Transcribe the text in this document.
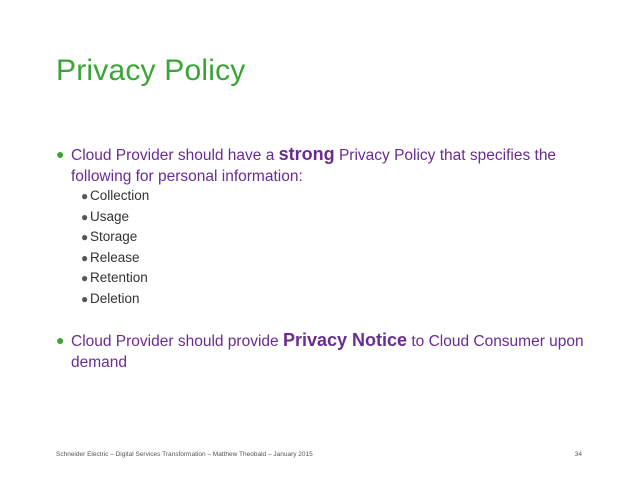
Privacy Policy
● Cloud Provider should have a strong Privacy Policy that specifies the following for personal information:
● Collection
● Usage
● Storage
● Release
● Retention
● Deletion
● Cloud Provider should provide Privacy Notice to Cloud Consumer upon demand
Schneider Electric – Digital Services Transformation – Matthew Theobald – January 2015	34
